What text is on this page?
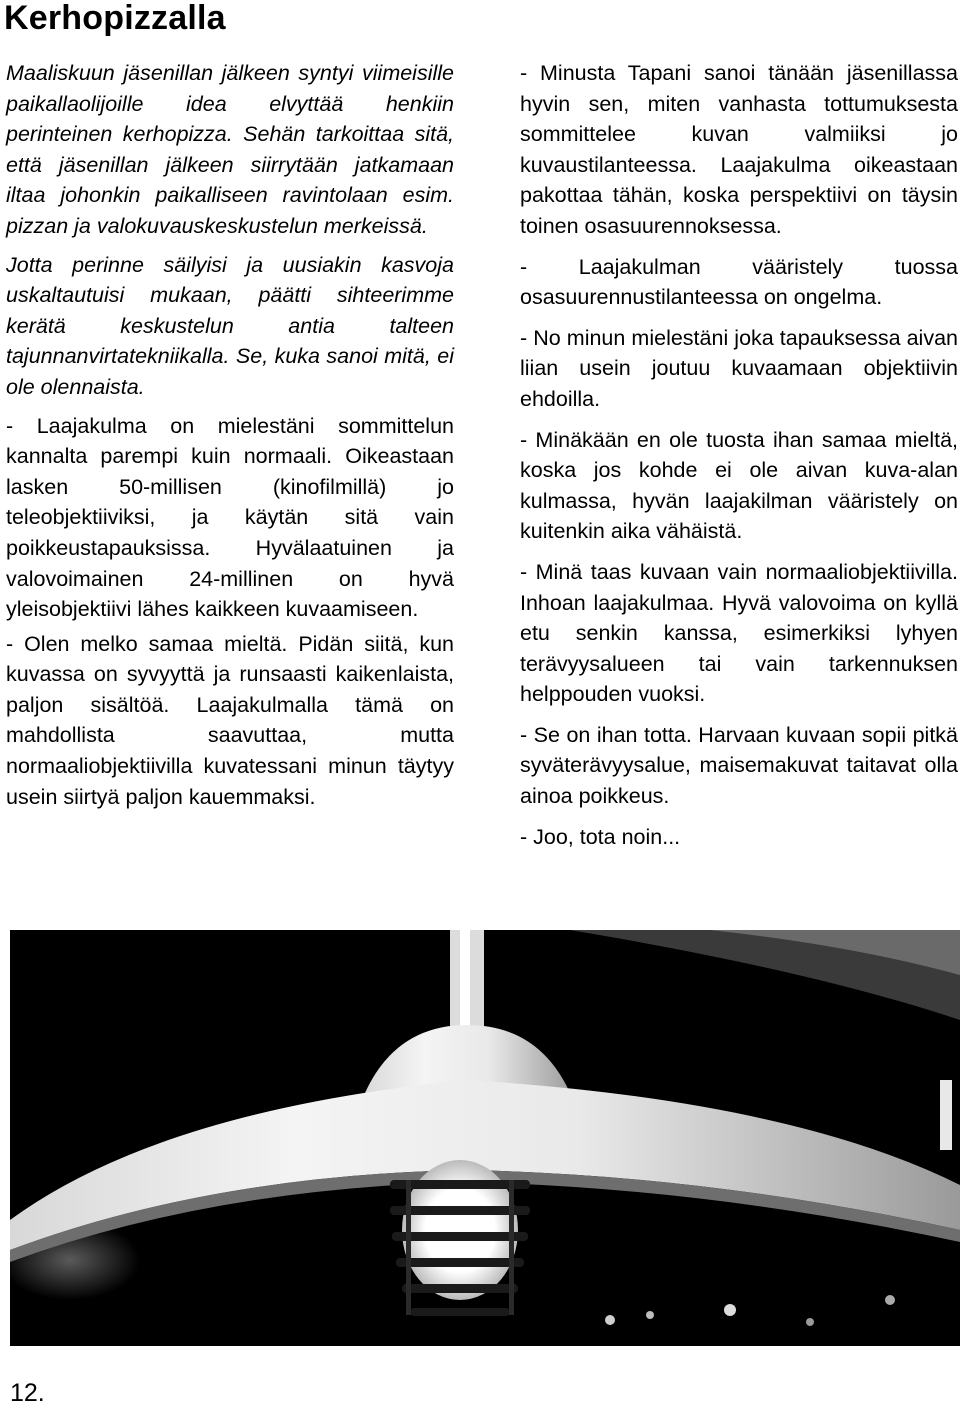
Kerhopizzalla

Maaliskuun jäsenillan jälkeen syntyi viimeisille paikallaolijoille idea elvyttää henkiin perinteinen kerhopizza. Sehän tarkoittaa sitä, että jäsenillan jälkeen siirrytään jatkamaan iltaa johonkin paikalliseen ravintolaan esim. pizzan ja valokuvauskeskustelun merkeissä.

Jotta perinne säilyisi ja uusiakin kasvoja uskaltautuisi mukaan, päätti sihteerimme kerätä keskustelun antia talteen tajunnanvirtatekniikalla. Se, kuka sanoi mitä, ei ole olennaista.

- Laajakulma on mielestäni sommittelun kannalta parempi kuin normaali. Oikeastaan lasken 50-millisen (kinofilmillä) jo teleobjektiiviksi, ja käytän sitä vain poikkeustapauksissa. Hyvälaatuinen ja valovoimainen 24-millinen on hyvä yleisobjektiivi lähes kaikkeen kuvaamiseen.

- Olen melko samaa mieltä. Pidän siitä, kun kuvassa on syvyyttä ja runsaasti kaikenlaista, paljon sisältöä. Laajakulmalla tämä on mahdollista saavuttaa, mutta normaaliobjektiivilla kuvatessani minun täytyy usein siirtyä paljon kauemmaksi.

- Minusta Tapani sanoi tänään jäsenillassa hyvin sen, miten vanhasta tottumuksesta sommittelee kuvan valmiiksi jo kuvaustilanteessa. Laajakulma oikeastaan pakottaa tähän, koska perspektiivi on täysin toinen osasuurennoksessa.

- Laajakulman vääristely tuossa osasuurennustilanteessa on ongelma.

- No minun mielestäni joka tapauksessa aivan liian usein joutuu kuvaamaan objektiivin ehdoilla.

- Minäkään en ole tuosta ihan samaa mieltä, koska jos kohde ei ole aivan kuva-alan kulmassa, hyvän laajakilman vääristely on kuitenkin aika vähäistä.

- Minä taas kuvaan vain normaaliobjektiivilla. Inhoan laajakulmaa. Hyvä valovoima on kyllä etu senkin kanssa, esimerkiksi lyhyen terävyysalueen tai vain tarkennuksen helppouden vuoksi.

- Se on ihan totta. Harvaan kuvaan sopii pitkä syväterävyysalue, maisemakuvat taitavat olla ainoa poikkeus.

- Joo, tota noin...

12.
